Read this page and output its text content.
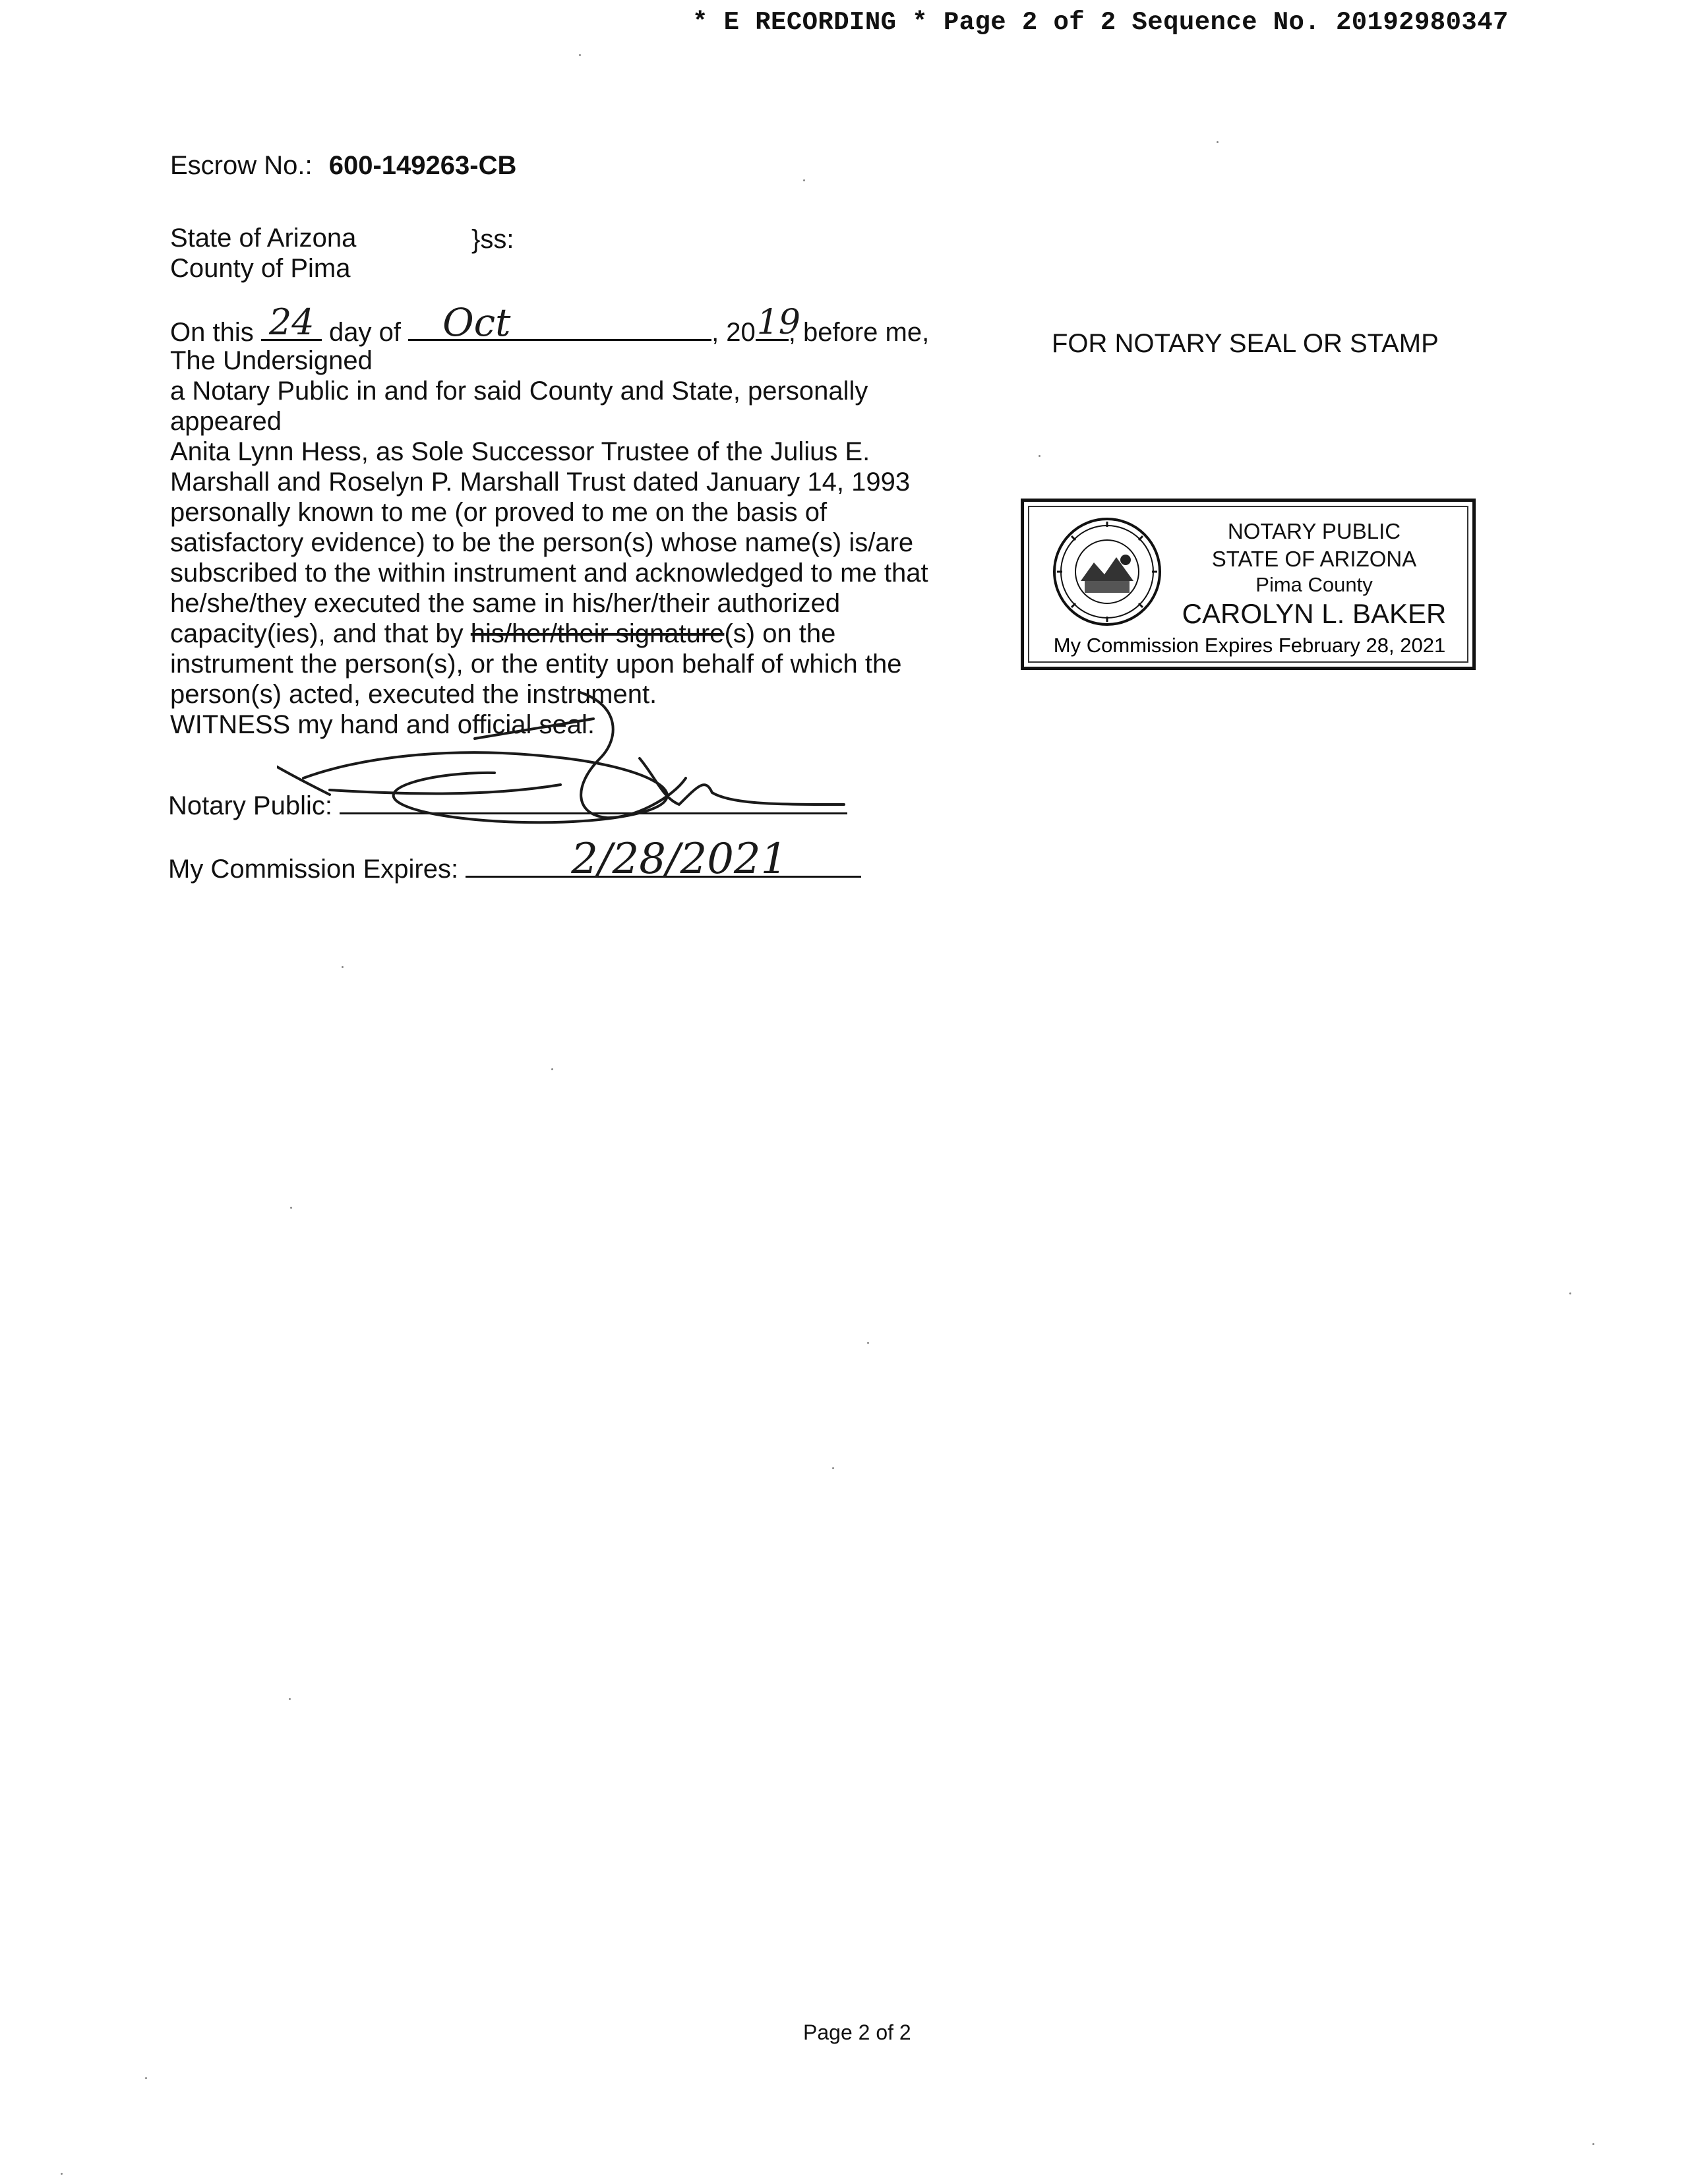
* E RECORDING * Page 2 of 2 Sequence No. 20192980347
Escrow No.: 600-149263-CB
State of Arizona
County of Pima
}ss:
On this 24 day of Oct	, 20 19
, before me,

The Undersigned

a Notary Public in and for said County and State, personally

appeared

Anita Lynn Hess, as Sole Successor Trustee of the Julius E.

Marshall and Roselyn P. Marshall Trust dated January 14, 1993

personally known to me (or proved to me on the basis of

satisfactory evidence) to be the person(s) whose name(s) is/are

subscribed to the within instrument and acknowledged to me that

he/she/they executed the same in his/her/their authorized

capacity(ies), and that by his/her/their signature(s) on the

instrument the person(s), or the entity upon behalf of which the

person(s) acted, executed the instrument.

WITNESS my hand and official seal.

Notary Public:
My Commission Expires:	2/28/2021
FOR NOTARY SEAL OR STAMP
NOTARY PUBLIC
STATE OF ARIZONA
Pima County
CAROLYN L. BAKER
My Commission Expires February 28, 2021
Page 2 of 2
